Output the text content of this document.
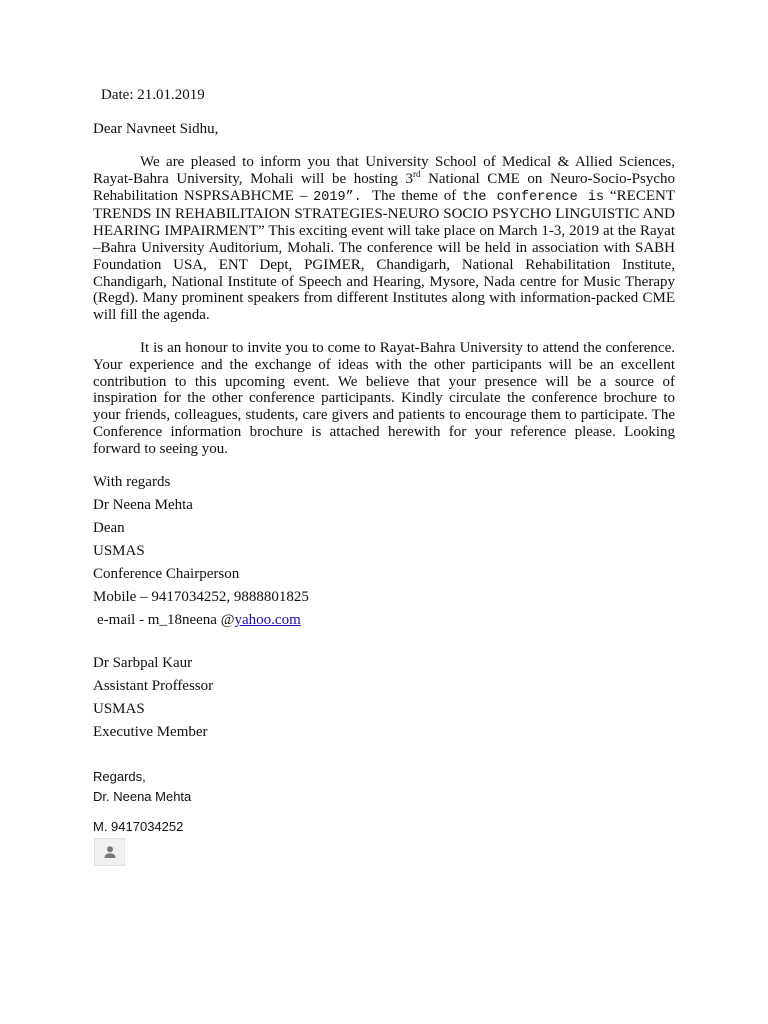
Date: 21.01.2019
Dear Navneet Sidhu,

We are pleased to inform you that University School of Medical & Allied Sciences, Rayat-Bahra University, Mohali will be hosting 3rd National CME on Neuro-Socio-Psycho Rehabilitation NSPRSABHCME – 2019”. The theme of the conference is “RECENT TRENDS IN REHABILITAION STRATEGIES-NEURO SOCIO PSYCHO LINGUISTIC AND HEARING IMPAIRMENT” This exciting event will take place on March 1-3, 2019 at the Rayat –Bahra University Auditorium, Mohali. The conference will be held in association with SABH Foundation USA, ENT Dept, PGIMER, Chandigarh, National Rehabilitation Institute, Chandigarh, National Institute of Speech and Hearing, Mysore, Nada centre for Music Therapy (Regd). Many prominent speakers from different Institutes along with information-packed CME will fill the agenda.

It is an honour to invite you to come to Rayat-Bahra University to attend the conference. Your experience and the exchange of ideas with the other participants will be an excellent contribution to this upcoming event. We believe that your presence will be a source of inspiration for the other conference participants. Kindly circulate the conference brochure to your friends, colleagues, students, care givers and patients to encourage them to participate. The Conference information brochure is attached herewith for your reference please. Looking forward to seeing you.

With regards
Dr Neena Mehta
Dean
USMAS
Conference Chairperson
Mobile – 9417034252, 9888801825
e-mail - m_18neena @yahoo.com
Dr Sarbpal Kaur
Assistant Proffessor
USMAS
Executive Member
Regards,
Dr. Neena Mehta
M. 9417034252
